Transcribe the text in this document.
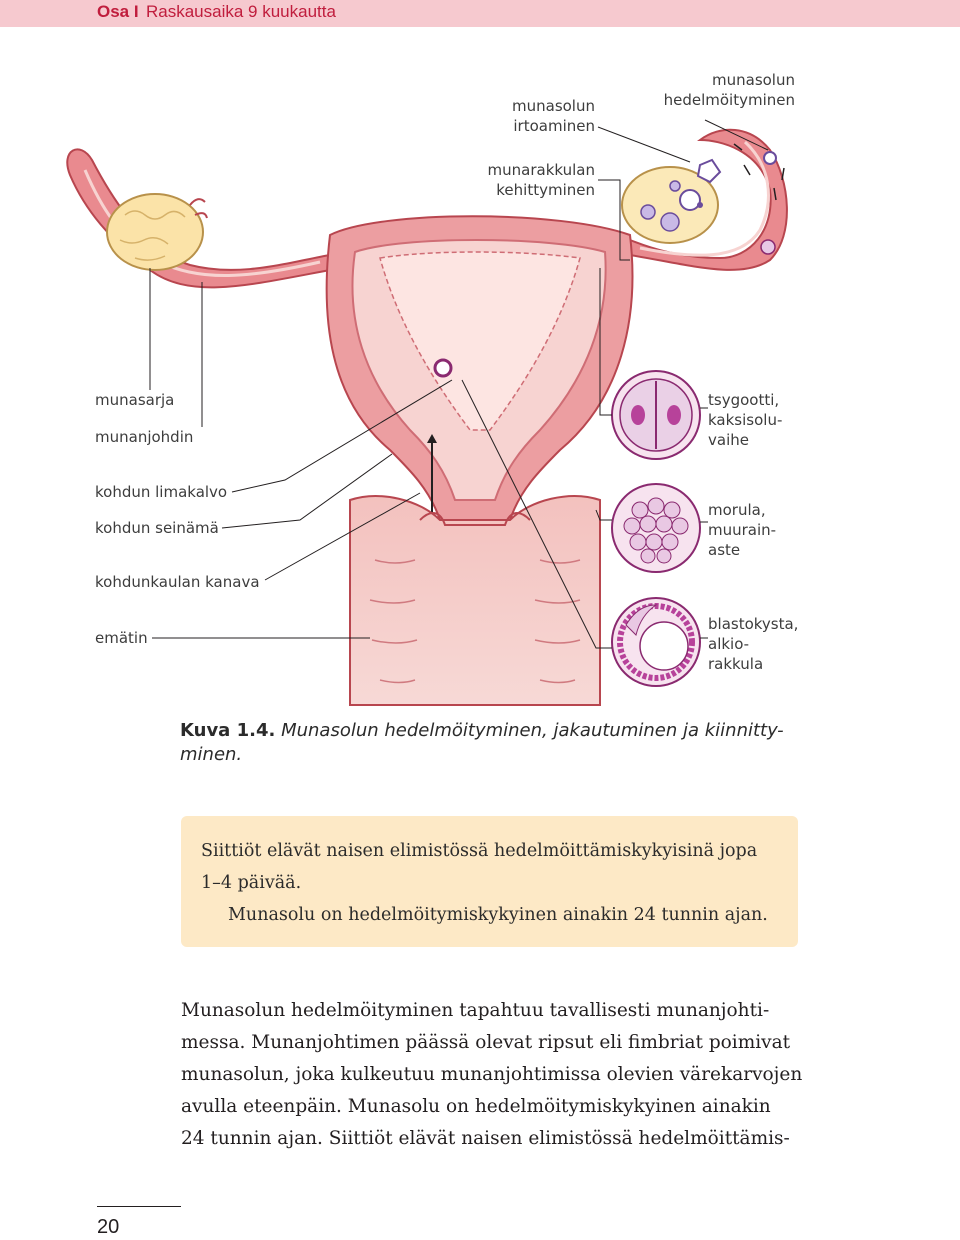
Osa I Raskausaika 9 kuukautta
munasolun
irtoaminen
munasolun
hedelmöityminen
munarakkulan
kehittyminen
munasarja
munanjohdin
kohdun limakalvo
kohdun seinämä
kohdunkaulan kanava
emätin
tsygootti,
kaksisolu-
vaihe
morula,
muurain-
aste
blastokysta,
alkio-
rakkula
Kuva 1.4. Munasolun hedelmöityminen, jakautuminen ja kiinnitty-
minen.

Siittiöt elävät naisen elimistössä hedelmöittämiskykyisinä jopa

1–4 päivää.

Munasolu on hedelmöitymiskykyinen ainakin 24 tunnin ajan.

Munasolun hedelmöityminen tapahtuu tavallisesti munanjohti-
messa. Munanjohtimen päässä olevat ripsut eli fimbriat poimivat
munasolun, joka kulkeutuu munanjohtimissa olevien värekarvojen
avulla eteenpäin. Munasolu on hedelmöitymiskykyinen ainakin
24 tunnin ajan. Siittiöt elävät naisen elimistössä hedelmöittämis-
20
